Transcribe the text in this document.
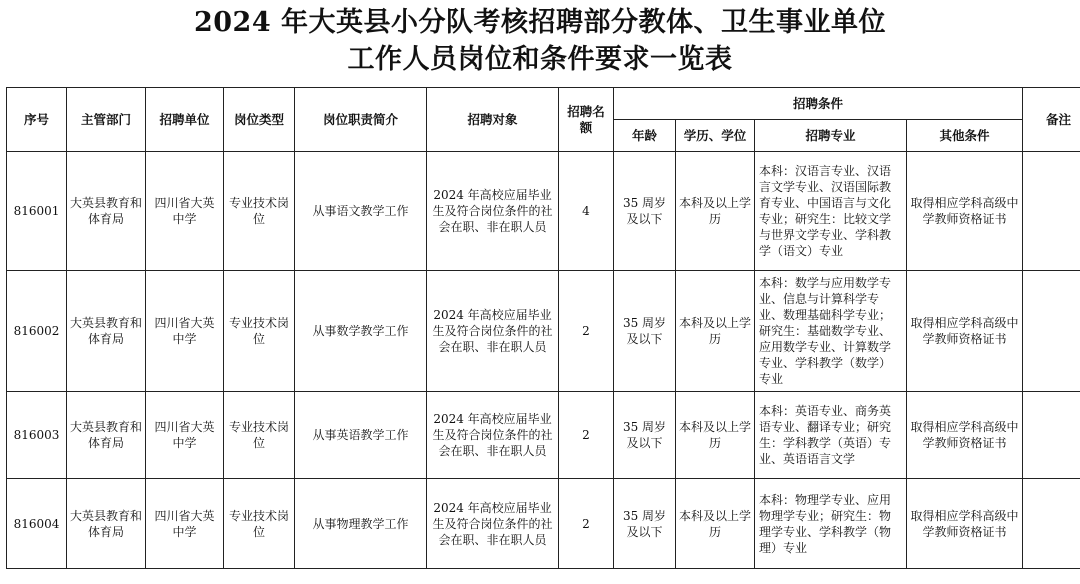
2024 年大英县小分队考核招聘部分教体、卫生事业单位
工作人员岗位和条件要求一览表
序号	主管部门	招聘单位	岗位类型	岗位职责简介	招聘对象	招聘名额	招聘条件				备注
							年龄	学历、学位	招聘专业	其他条件	
816001	大英县教育和体育局	四川省大英中学	专业技术岗位	从事语文教学工作	2024 年高校应届毕业生及符合岗位条件的社会在职、非在职人员	4	35 周岁及以下	本科及以上学历	本科：汉语言专业、汉语言文学专业、汉语国际教育专业、中国语言与文化专业；研究生：比较文学与世界文学专业、学科教学（语文）专业	取得相应学科高级中学教师资格证书	
816002	大英县教育和体育局	四川省大英中学	专业技术岗位	从事数学教学工作	2024 年高校应届毕业生及符合岗位条件的社会在职、非在职人员	2	35 周岁及以下	本科及以上学历	本科：数学与应用数学专业、信息与计算科学专业、数理基础科学专业；研究生：基础数学专业、应用数学专业、计算数学专业、学科教学（数学）专业	取得相应学科高级中学教师资格证书	
816003	大英县教育和体育局	四川省大英中学	专业技术岗位	从事英语教学工作	2024 年高校应届毕业生及符合岗位条件的社会在职、非在职人员	2	35 周岁及以下	本科及以上学历	本科：英语专业、商务英语专业、翻译专业；研究生：学科教学（英语）专业、英语语言文学	取得相应学科高级中学教师资格证书	
816004	大英县教育和体育局	四川省大英中学	专业技术岗位	从事物理教学工作	2024 年高校应届毕业生及符合岗位条件的社会在职、非在职人员	2	35 周岁及以下	本科及以上学历	本科：物理学专业、应用物理学专业；研究生：物理学专业、学科教学（物理）专业	取得相应学科高级中学教师资格证书	
